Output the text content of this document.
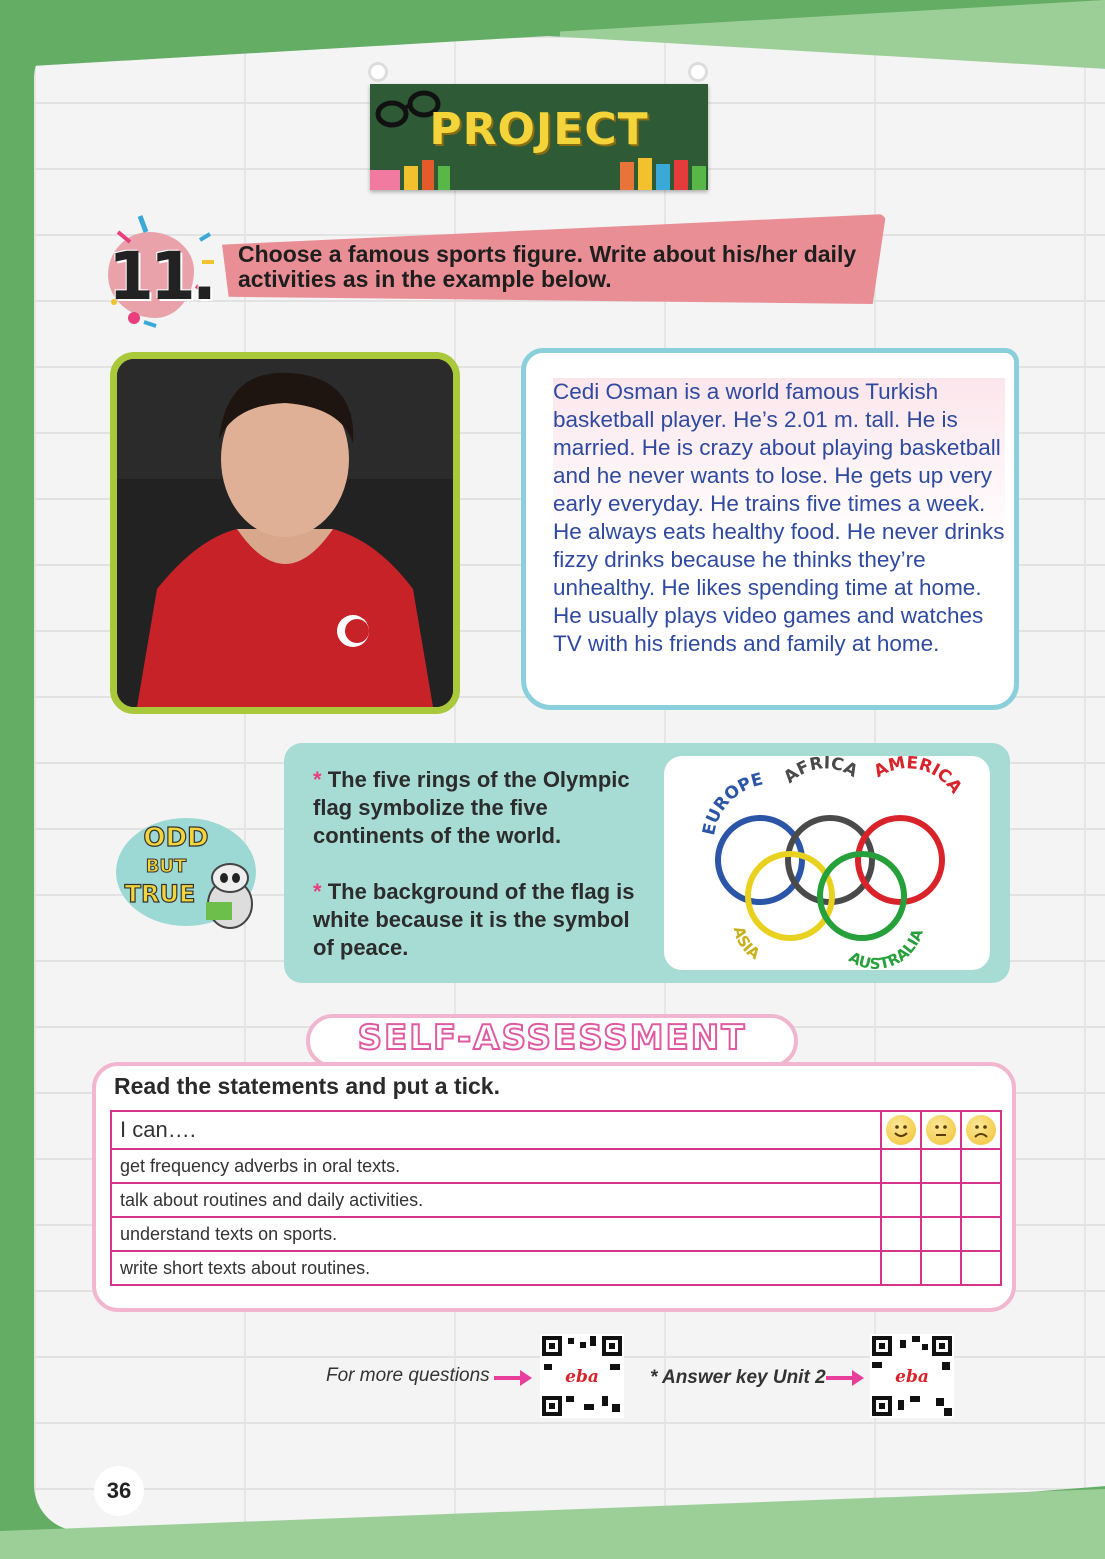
PROJECT
11. Choose a famous sports figure. Write about his/her daily activities as in the example below.
Cedi Osman is a world famous Turkish basketball player. He’s 2.01 m. tall. He is married. He is crazy about playing basketball and he never wants to lose. He gets up very early everyday. He trains five times a week. He always eats healthy food. He never drinks fizzy drinks because he thinks they’re unhealthy. He likes spending time at home. He usually plays video games and watches TV with his friends and family at home.
ODD
BUT
TRUE
* The five rings of the Olympic flag symbolize the five continents of the world.
* The background of the flag is white because it is the symbol of peace.
EUROPE AFRICA AMERICA
ASIA	AUSTRALIA
SELF-ASSESSMENT
Read the statements and put a tick.
I can….	

get frequency adverbs in oral texts.			
talk about routines and daily activities.			
understand texts on sports.			
write short texts about routines.			
For more questions	eba	* Answer key Unit 2	eba
36
